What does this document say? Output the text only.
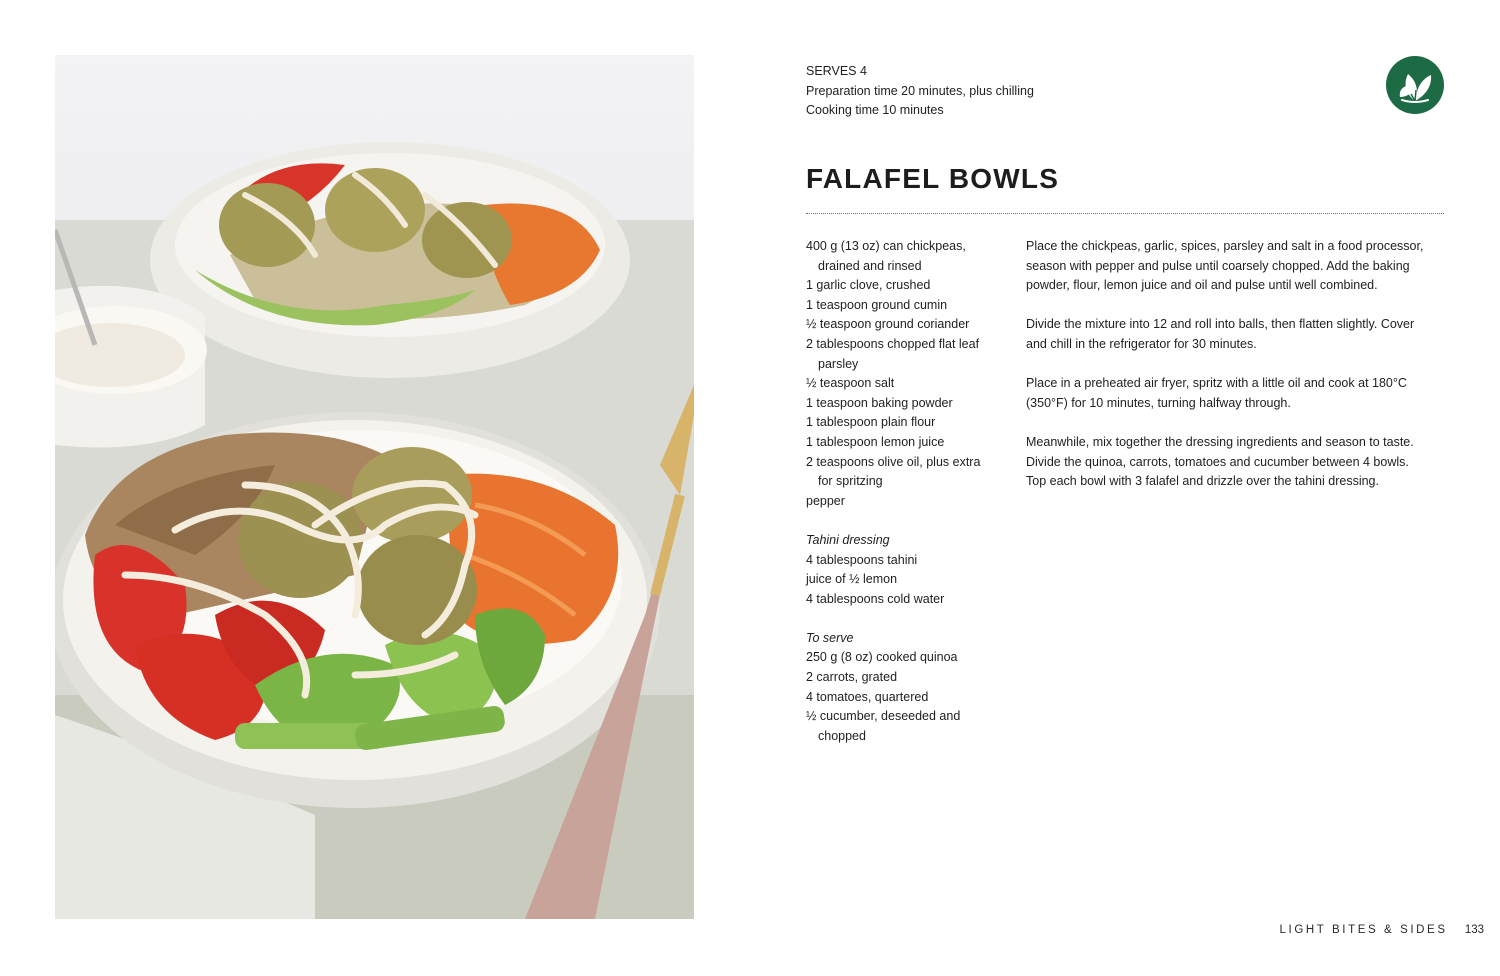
SERVES 4
Preparation time 20 minutes, plus chilling
Cooking time 10 minutes
FALAFEL BOWLS
400 g (13 oz) can chickpeas,
drained and rinsed
1 garlic clove, crushed
1 teaspoon ground cumin
½ teaspoon ground coriander
2 tablespoons chopped flat leaf
parsley
½ teaspoon salt
1 teaspoon baking powder
1 tablespoon plain flour
1 tablespoon lemon juice
2 teaspoons olive oil, plus extra
for spritzing
pepper
Tahini dressing
4 tablespoons tahini
juice of ½ lemon
4 tablespoons cold water
To serve
250 g (8 oz) cooked quinoa
2 carrots, grated
4 tomatoes, quartered
½ cucumber, deseeded and
chopped

Place the chickpeas, garlic, spices, parsley and salt in a food processor,
season with pepper and pulse until coarsely chopped. Add the baking
powder, flour, lemon juice and oil and pulse until well combined.

Divide the mixture into 12 and roll into balls, then flatten slightly. Cover
and chill in the refrigerator for 30 minutes.

Place in a preheated air fryer, spritz with a little oil and cook at 180°C
(350°F) for 10 minutes, turning halfway through.

Meanwhile, mix together the dressing ingredients and season to taste.
Divide the quinoa, carrots, tomatoes and cucumber between 4 bowls.
Top each bowl with 3 falafel and drizzle over the tahini dressing.

LIGHT BITES & SIDES 133
